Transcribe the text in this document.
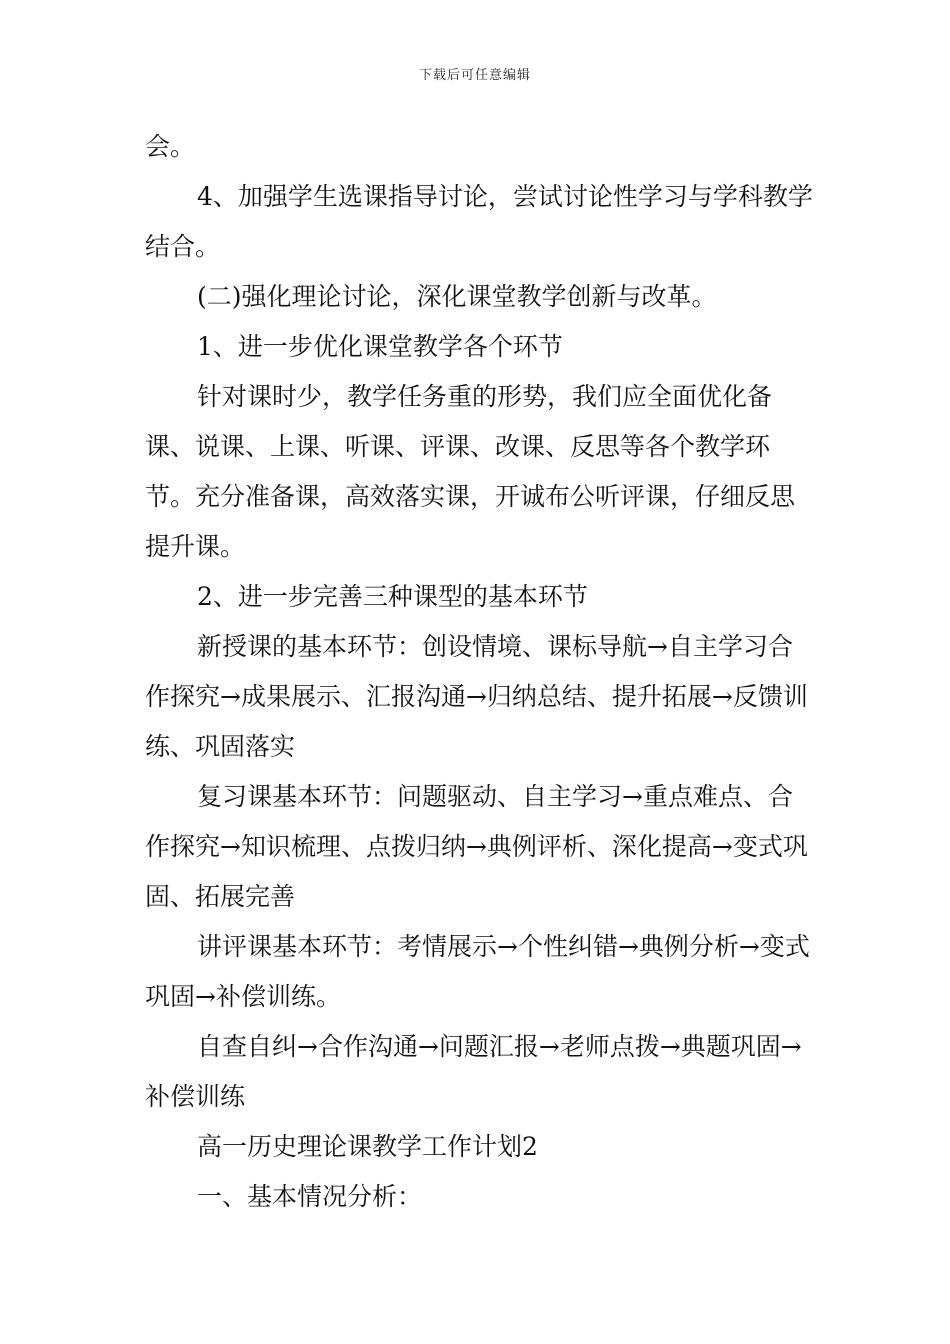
下载后可任意编辑

会。

4、加强学生选课指导讨论，尝试讨论性学习与学科教学结合。

(二)强化理论讨论，深化课堂教学创新与改革。

1、进一步优化课堂教学各个环节

针对课时少，教学任务重的形势，我们应全面优化备课、说课、上课、听课、评课、改课、反思等各个教学环节。充分准备课，高效落实课，开诚布公听评课，仔细反思提升课。

2、进一步完善三种课型的基本环节

新授课的基本环节：创设情境、课标导航→自主学习合作探究→成果展示、汇报沟通→归纳总结、提升拓展→反馈训练、巩固落实

复习课基本环节：问题驱动、自主学习→重点难点、合作探究→知识梳理、点拨归纳→典例评析、深化提高→变式巩固、拓展完善

讲评课基本环节：考情展示→个性纠错→典例分析→变式巩固→补偿训练。

自查自纠→合作沟通→问题汇报→老师点拨→典题巩固→补偿训练

高一历史理论课教学工作计划2

一、基本情况分析：
